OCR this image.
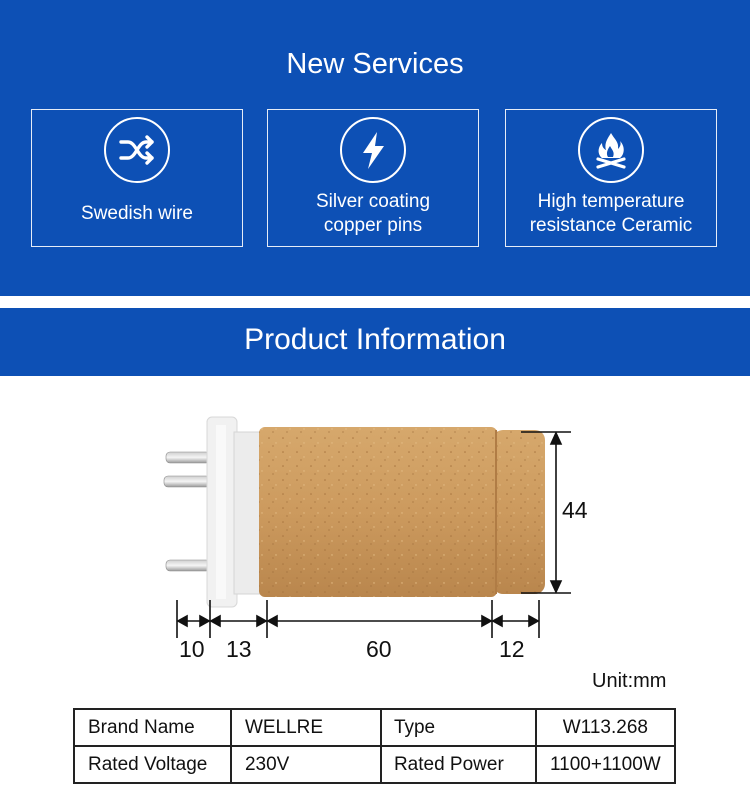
New Services
Swedish wire
Silver coating
copper pins
High temperature
resistance Ceramic
Product Information
44
10 13	60	12
Unit:mm
Brand Name	WELLRE	Type	W113.268
Rated Voltage	230V	Rated Power	1100+1100W
